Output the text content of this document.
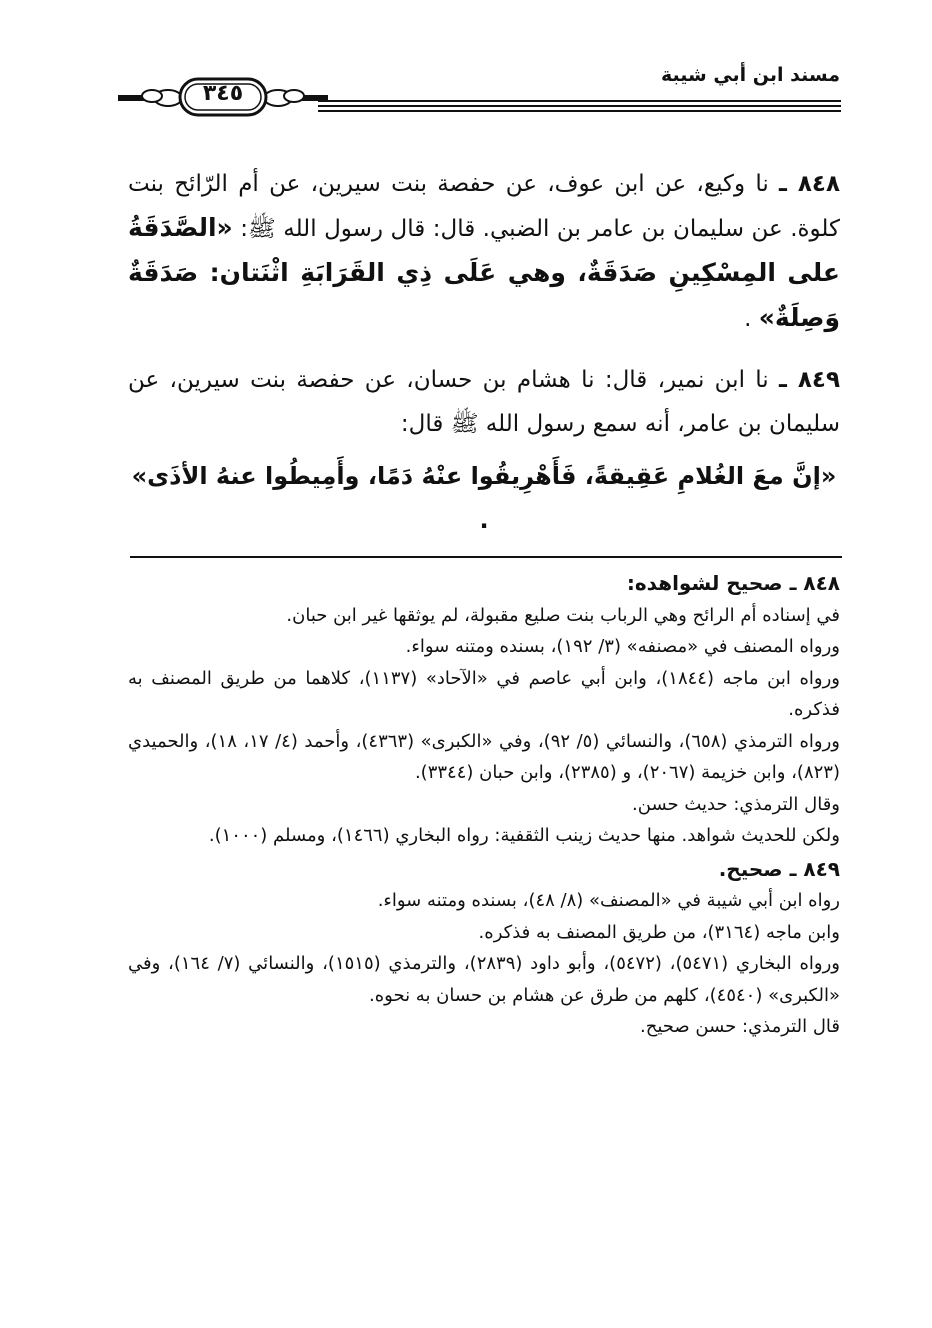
مسند ابن أبي شيبة
٣٤٥

٨٤٨ ـ نا وكيع، عن ابن عوف، عن حفصة بنت سيرين، عن أم الرّائح بنت كلوة. عن سليمان بن عامر بن الضبي. قال: قال رسول الله ﷺ: «الصَّدَقَةُ على المِسْكِينِ صَدَقَةٌ، وهي عَلَى ذِي القَرَابَةِ اثْنَتان: صَدَقَةٌ وَصِلَةٌ» .

٨٤٩ ـ نا ابن نمير، قال: نا هشام بن حسان، عن حفصة بنت سيرين، عن سليمان بن عامر، أنه سمع رسول الله ﷺ قال:
«إنَّ معَ الغُلامِ عَقِيقةً، فَأَهْرِيقُوا عنْهُ دَمًا، وأَمِيطُوا عنهُ الأذَى» .

٨٤٨ ـ صحيح لشواهده:

في إسناده أم الرائح وهي الرباب بنت صليع مقبولة، لم يوثقها غير ابن حبان.

ورواه المصنف في «مصنفه» (٣/ ١٩٢)، بسنده ومتنه سواء.

ورواه ابن ماجه (١٨٤٤)، وابن أبي عاصم في «الآحاد» (١١٣٧)، كلاهما من طريق المصنف به فذكره.

ورواه الترمذي (٦٥٨)، والنسائي (٥/ ٩٢)، وفي «الكبرى» (٤٣٦٣)، وأحمد (٤/ ١٧، ١٨)، والحميدي (٨٢٣)، وابن خزيمة (٢٠٦٧)، و (٢٣٨٥)، وابن حبان (٣٣٤٤).

وقال الترمذي: حديث حسن.

ولكن للحديث شواهد. منها حديث زينب الثقفية: رواه البخاري (١٤٦٦)، ومسلم (١٠٠٠).

٨٤٩ ـ صحيح.

رواه ابن أبي شيبة في «المصنف» (٨/ ٤٨)، بسنده ومتنه سواء.

وابن ماجه (٣١٦٤)، من طريق المصنف به فذكره.

ورواه البخاري (٥٤٧١)، (٥٤٧٢)، وأبو داود (٢٨٣٩)، والترمذي (١٥١٥)، والنسائي (٧/ ١٦٤)، وفي «الكبرى» (٤٥٤٠)، كلهم من طرق عن هشام بن حسان به نحوه.

قال الترمذي: حسن صحيح.
